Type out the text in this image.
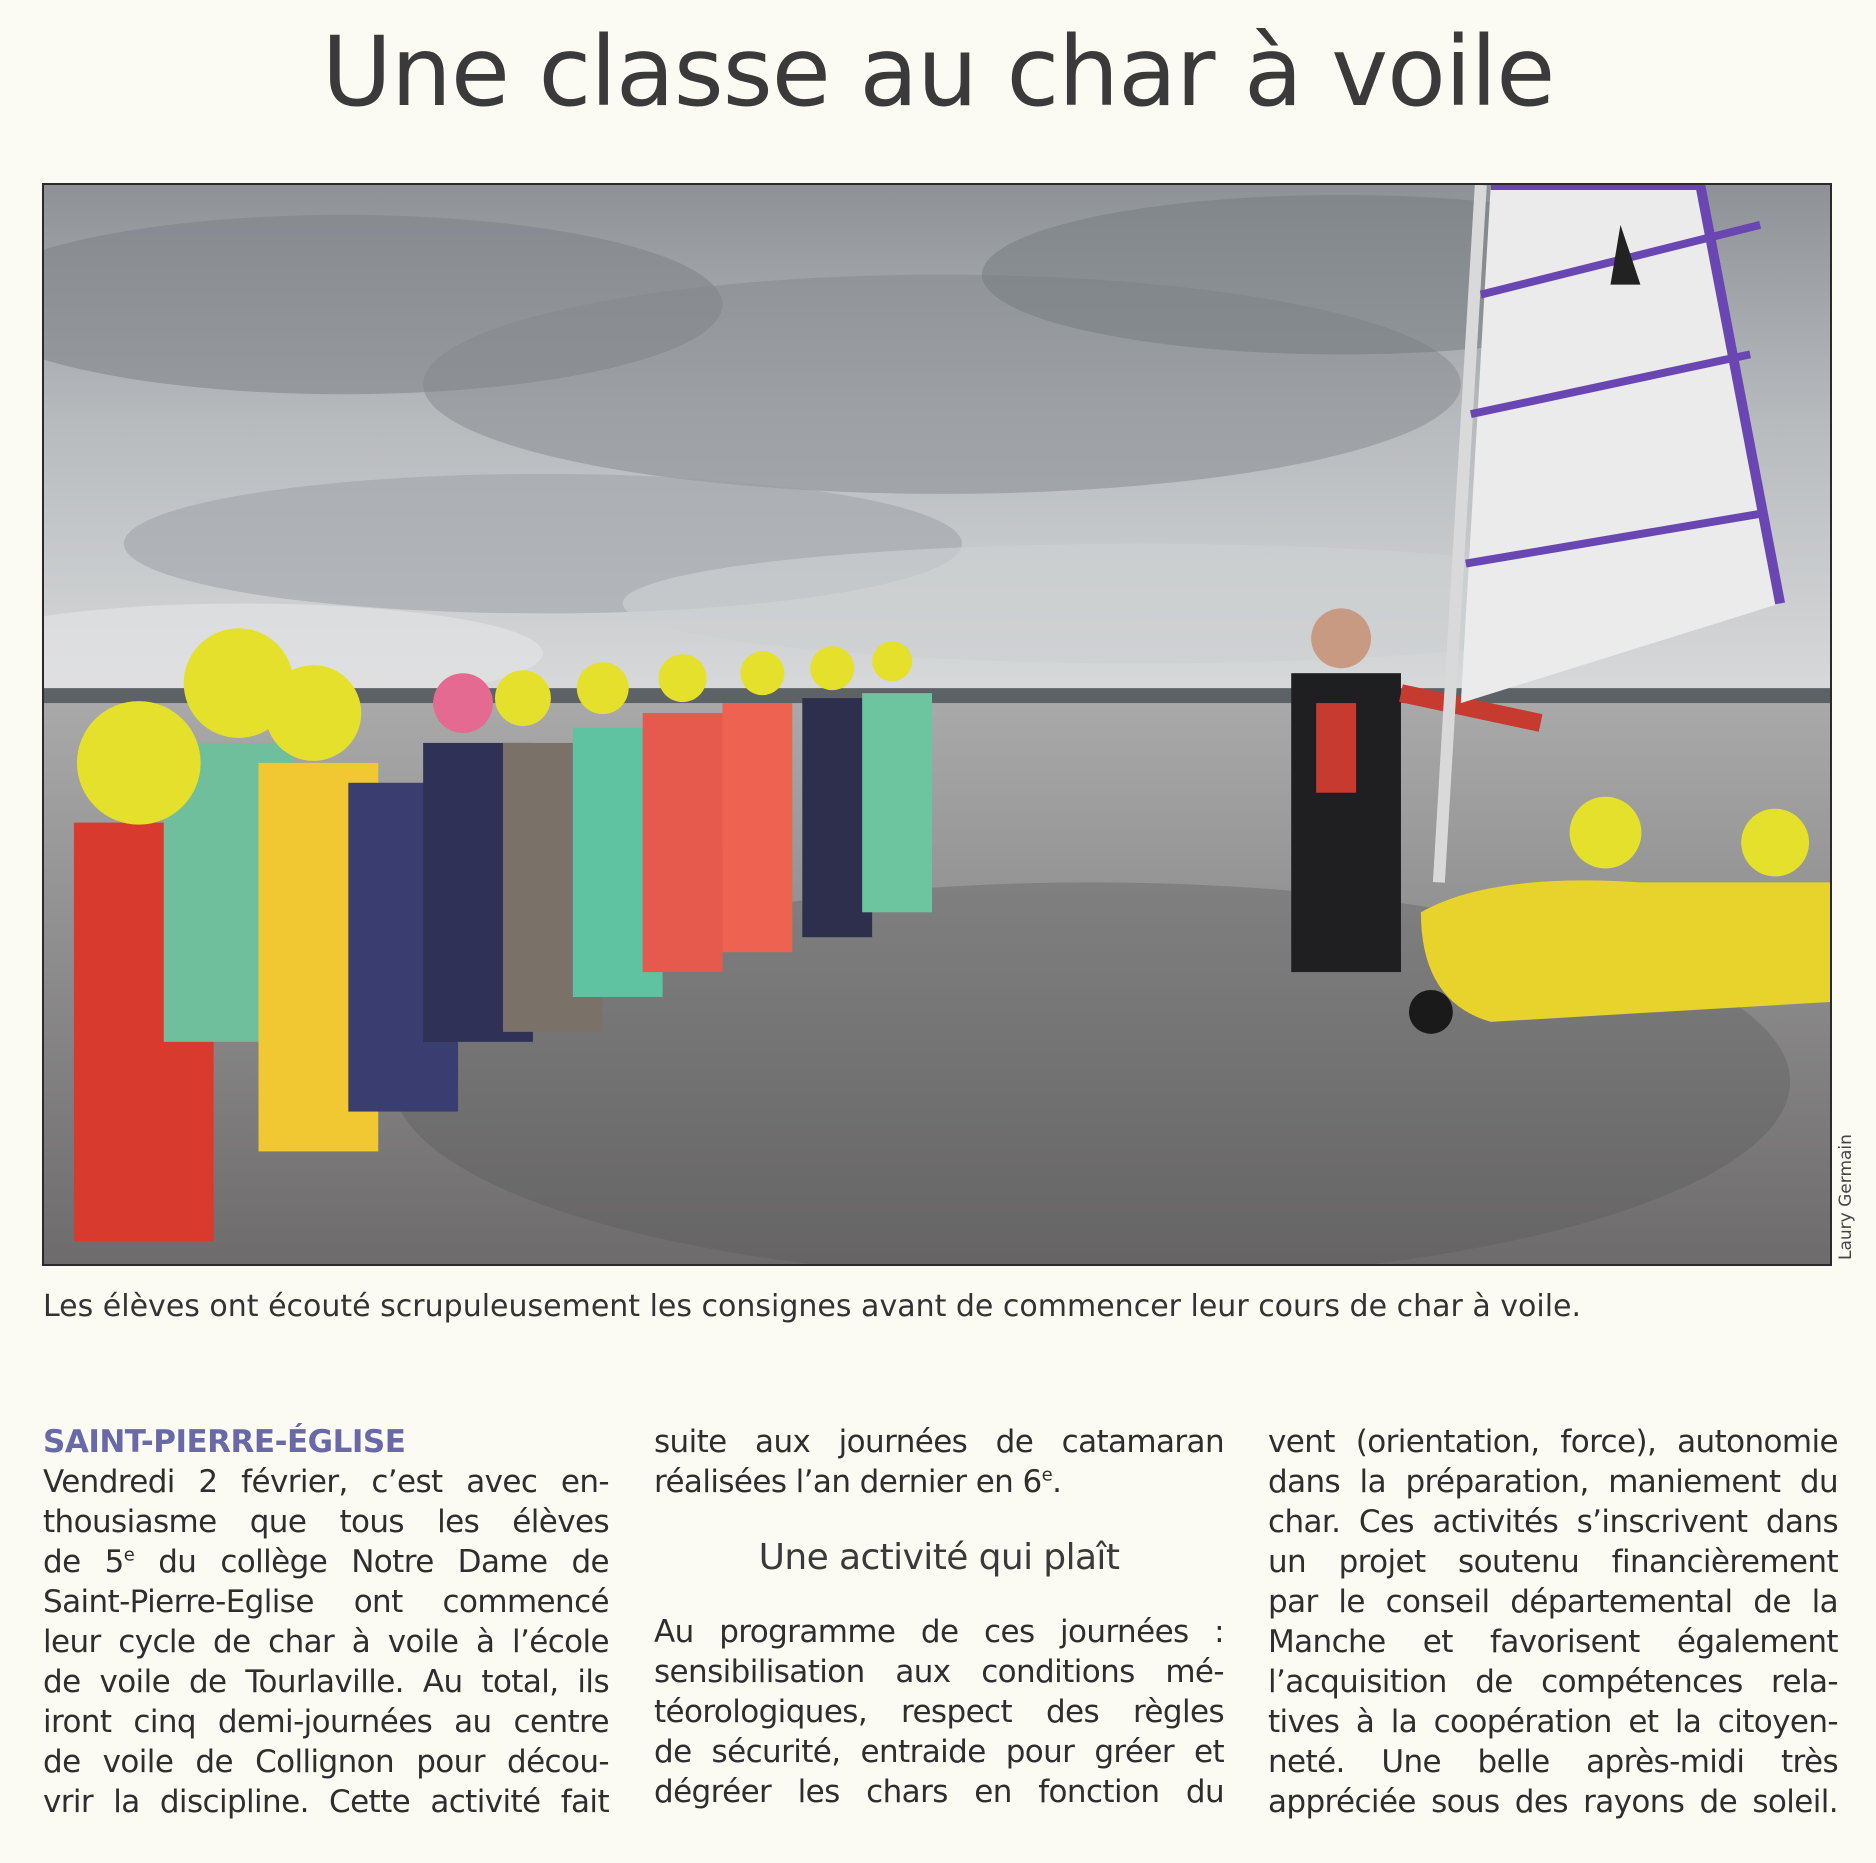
Une classe au char à voile
Laury Germain
Les élèves ont écouté scrupuleusement les consignes avant de commencer leur cours de char à voile.
SAINT-PIERRE-ÉGLISE
Vendredi 2 février, c’est avec en-
thousiasme que tous les élèves
de 5e du collège Notre Dame de
Saint-Pierre-Eglise ont commencé
leur cycle de char à voile à l’école
de voile de Tourlaville. Au total, ils
iront cinq demi-journées au centre
de voile de Collignon pour décou-
vrir la discipline. Cette activité fait
suite aux journées de catamaran
réalisées l’an dernier en 6e.
Une activité qui plaît
Au programme de ces journées :
sensibilisation aux conditions mé-
téorologiques, respect des règles
de sécurité, entraide pour gréer et
dégréer les chars en fonction du
vent (orientation, force), autonomie
dans la préparation, maniement du
char. Ces activités s’inscrivent dans
un projet soutenu financièrement
par le conseil départemental de la
Manche et favorisent également
l’acquisition de compétences rela-
tives à la coopération et la citoyen-
neté. Une belle après-midi très
appréciée sous des rayons de soleil.
